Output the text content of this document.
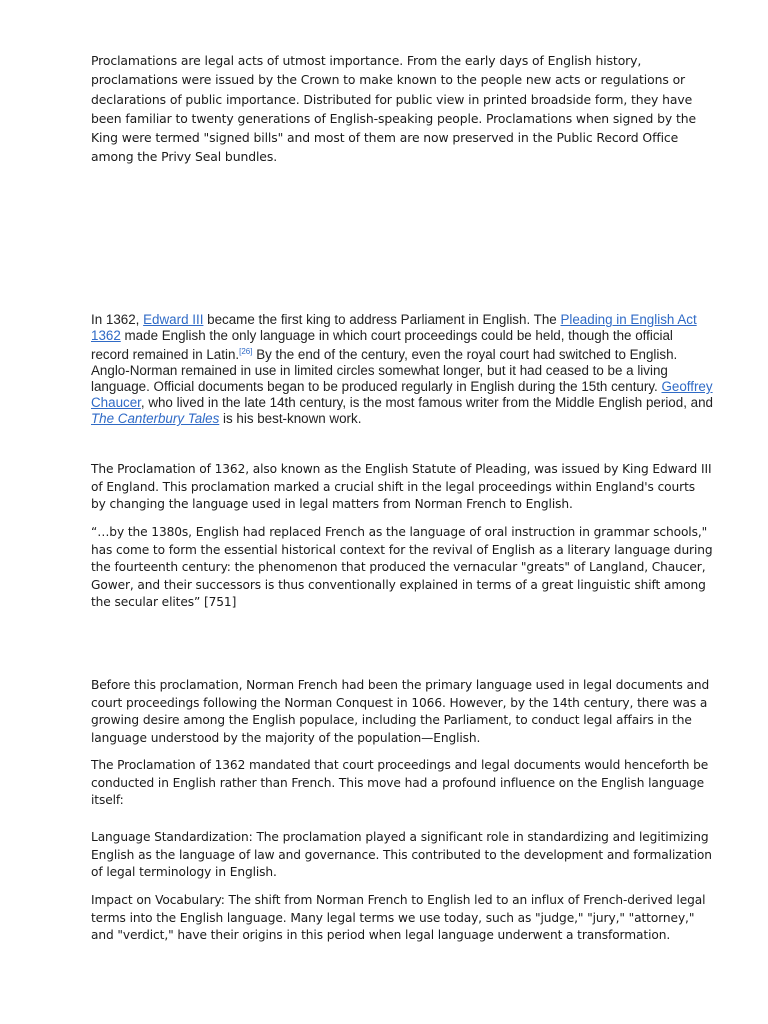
Proclamations are legal acts of utmost importance. From the early days of English history, proclamations were issued by the Crown to make known to the people new acts or regulations or declarations of public importance. Distributed for public view in printed broadside form, they have been familiar to twenty generations of English-speaking people. Proclamations when signed by the King were termed "signed bills" and most of them are now preserved in the Public Record Office among the Privy Seal bundles.

In 1362, Edward III became the first king to address Parliament in English. The Pleading in English Act 1362 made English the only language in which court proceedings could be held, though the official record remained in Latin.[26] By the end of the century, even the royal court had switched to English. Anglo-Norman remained in use in limited circles somewhat longer, but it had ceased to be a living language. Official documents began to be produced regularly in English during the 15th century. Geoffrey Chaucer, who lived in the late 14th century, is the most famous writer from the Middle English period, and The Canterbury Tales is his best-known work.

The Proclamation of 1362, also known as the English Statute of Pleading, was issued by King Edward III of England. This proclamation marked a crucial shift in the legal proceedings within England's courts by changing the language used in legal matters from Norman French to English.

“…by the 1380s, English had replaced French as the language of oral instruction in grammar schools," has come to form the essential historical context for the revival of English as a literary language during the fourteenth century: the phenomenon that produced the vernacular "greats" of Langland, Chaucer, Gower, and their successors is thus conventionally explained in terms of a great linguistic shift among the secular elites” [751]

Before this proclamation, Norman French had been the primary language used in legal documents and court proceedings following the Norman Conquest in 1066. However, by the 14th century, there was a growing desire among the English populace, including the Parliament, to conduct legal affairs in the language understood by the majority of the population—English.

The Proclamation of 1362 mandated that court proceedings and legal documents would henceforth be conducted in English rather than French. This move had a profound influence on the English language itself:

Language Standardization: The proclamation played a significant role in standardizing and legitimizing English as the language of law and governance. This contributed to the development and formalization of legal terminology in English.

Impact on Vocabulary: The shift from Norman French to English led to an influx of French-derived legal terms into the English language. Many legal terms we use today, such as "judge," "jury," "attorney," and "verdict," have their origins in this period when legal language underwent a transformation.
